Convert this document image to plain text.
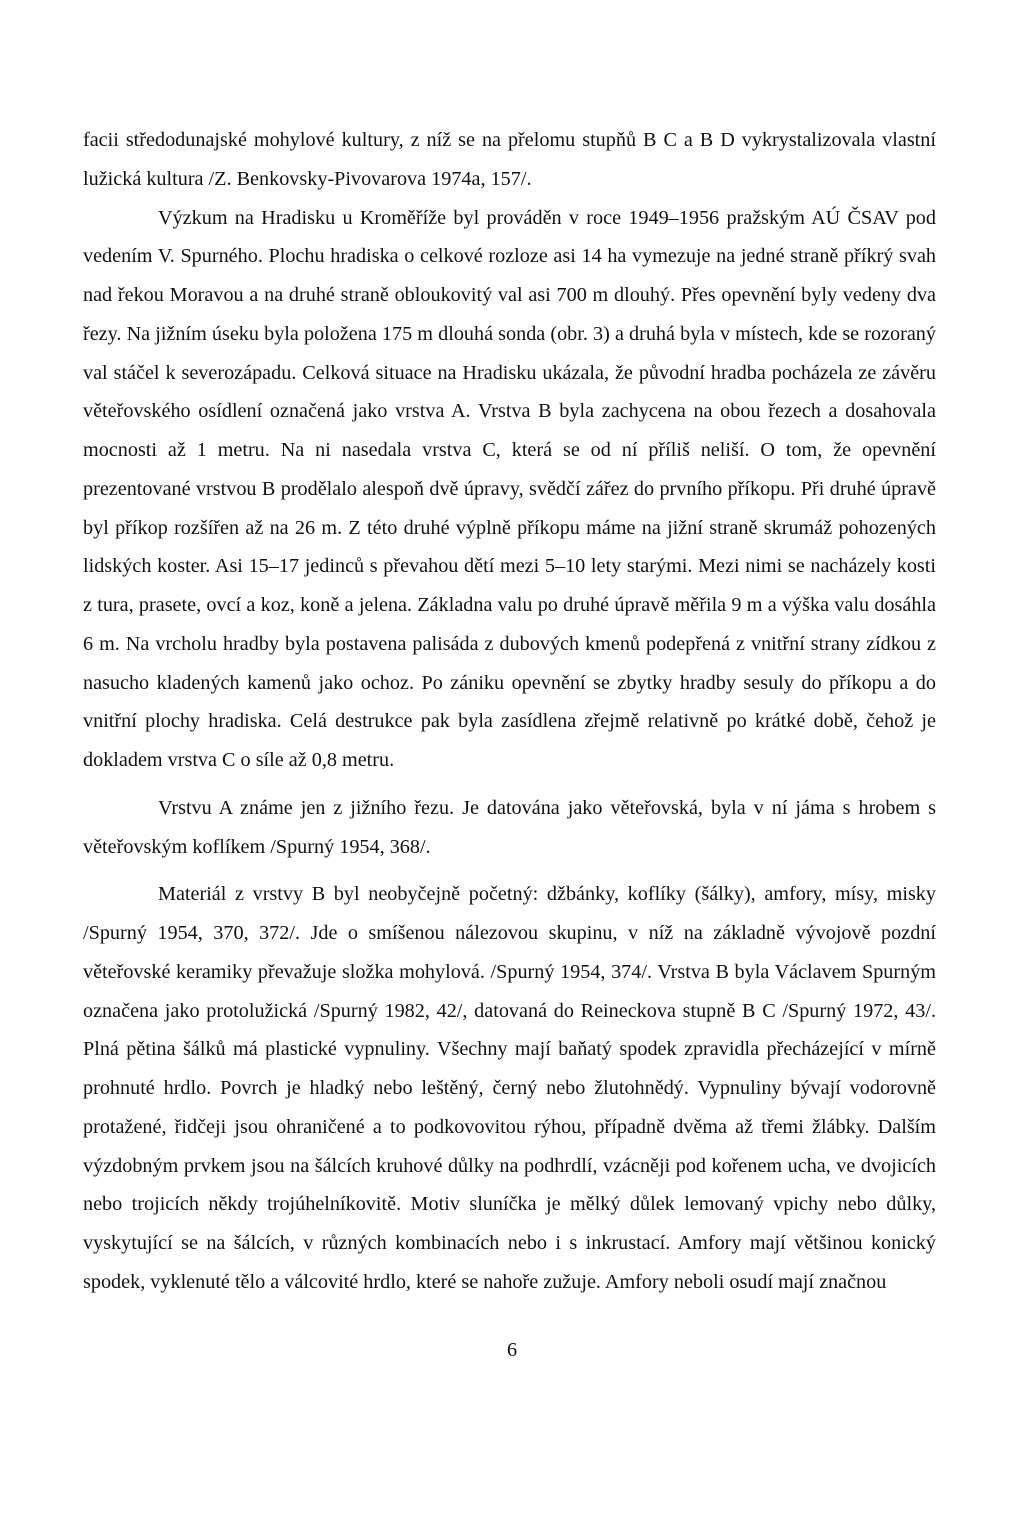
facii středodunajské mohylové kultury, z níž se na přelomu stupňů B C a B D vykrystalizovala vlastní lužická kultura /Z. Benkovsky-Pivovarova 1974a, 157/.

Výzkum na Hradisku u Kroměříže byl prováděn v roce 1949–1956 pražským AÚ ČSAV pod vedením V. Spurného. Plochu hradiska o celkové rozloze asi 14 ha vymezuje na jedné straně příkrý svah nad řekou Moravou a na druhé straně obloukovitý val asi 700 m dlouhý. Přes opevnění byly vedeny dva řezy. Na jižním úseku byla položena 175 m dlouhá sonda (obr. 3) a druhá byla v místech, kde se rozoraný val stáčel k severozápadu. Celková situace na Hradisku ukázala, že původní hradba pocházela ze závěru věteřovského osídlení označená jako vrstva A. Vrstva B byla zachycena na obou řezech a dosahovala mocnosti až 1 metru. Na ni nasedala vrstva C, která se od ní příliš neliší. O tom, že opevnění prezentované vrstvou B prodělalo alespoň dvě úpravy, svědčí zářez do prvního příkopu. Při druhé úpravě byl příkop rozšířen až na 26 m. Z této druhé výplně příkopu máme na jižní straně skrumáž pohozených lidských koster. Asi 15–17 jedinců s převahou dětí mezi 5–10 lety starými. Mezi nimi se nacházely kosti z tura, prasete, ovcí a koz, koně a jelena. Základna valu po druhé úpravě měřila 9 m a výška valu dosáhla 6 m. Na vrcholu hradby byla postavena palisáda z dubových kmenů podepřená z vnitřní strany zídkou z nasucho kladených kamenů jako ochoz. Po zániku opevnění se zbytky hradby sesuly do příkopu a do vnitřní plochy hradiska. Celá destrukce pak byla zasídlena zřejmě relativně po krátké době, čehož je dokladem vrstva C o síle až 0,8 metru.

Vrstvu A známe jen z jižního řezu. Je datována jako věteřovská, byla v ní jáma s hrobem s věteřovským koflíkem /Spurný 1954, 368/.

Materiál z vrstvy B byl neobyčejně početný: džbánky, koflíky (šálky), amfory, mísy, misky /Spurný 1954, 370, 372/. Jde o smíšenou nálezovou skupinu, v níž na základně vývojově pozdní věteřovské keramiky převažuje složka mohylová. /Spurný 1954, 374/. Vrstva B byla Václavem Spurným označena jako protolužická /Spurný 1982, 42/, datovaná do Reineckova stupně B C /Spurný 1972, 43/. Plná pětina šálků má plastické vypnuliny. Všechny mají baňatý spodek zpravidla přecházející v mírně prohnuté hrdlo. Povrch je hladký nebo leštěný, černý nebo žlutohnědý. Vypnuliny bývají vodorovně protažené, řidčeji jsou ohraničené a to podkovovitou rýhou, případně dvěma až třemi žlábky. Dalším výzdobným prvkem jsou na šálcích kruhové důlky na podhrdlí, vzácněji pod kořenem ucha, ve dvojicích nebo trojicích někdy trojúhelníkovitě. Motiv sluníčka je mělký důlek lemovaný vpichy nebo důlky, vyskytující se na šálcích, v různých kombinacích nebo i s inkrustací. Amfory mají většinou konický spodek, vyklenuté tělo a válcovité hrdlo, které se nahoře zužuje. Amfory neboli osudí mají značnou

6
